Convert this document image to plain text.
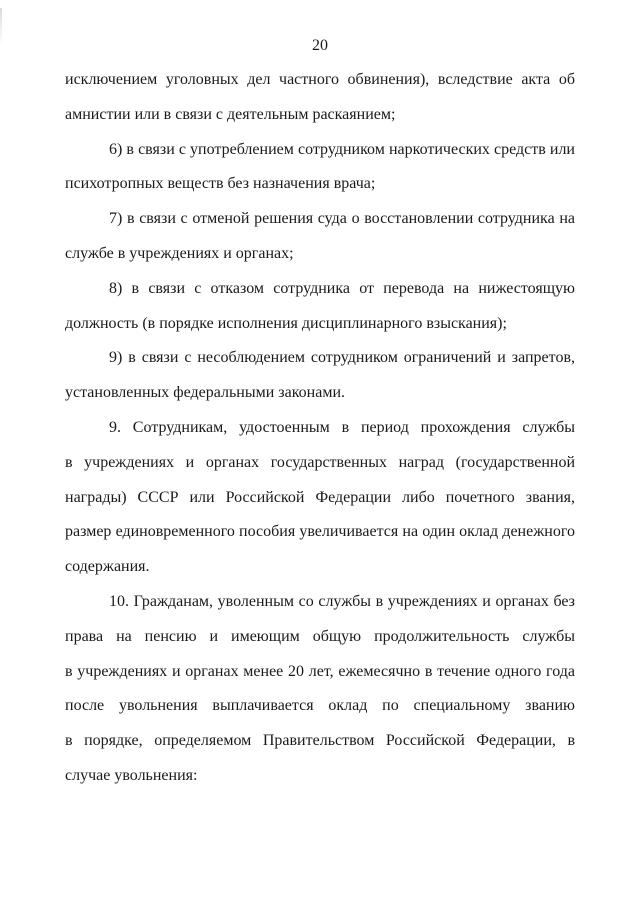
20

исключением уголовных дел частного обвинения), вследствие акта об амнистии или в связи с деятельным раскаянием;

6) в связи с употреблением сотрудником наркотических средств или психотропных веществ без назначения врача;

7) в связи с отменой решения суда о восстановлении сотрудника на службе в учреждениях и органах;

8) в связи с отказом сотрудника от перевода на нижестоящую должность (в порядке исполнения дисциплинарного взыскания);

9) в связи с несоблюдением сотрудником ограничений и запретов, установленных федеральными законами.

9. Сотрудникам, удостоенным в период прохождения службы в учреждениях и органах государственных наград (государственной награды) СССР или Российской Федерации либо почетного звания, размер единовременного пособия увеличивается на один оклад денежного содержания.

10. Гражданам, уволенным со службы в учреждениях и органах без права на пенсию и имеющим общую продолжительность службы в учреждениях и органах менее 20 лет, ежемесячно в течение одного года после увольнения выплачивается оклад по специальному званию в порядке, определяемом Правительством Российской Федерации, в случае увольнения:
